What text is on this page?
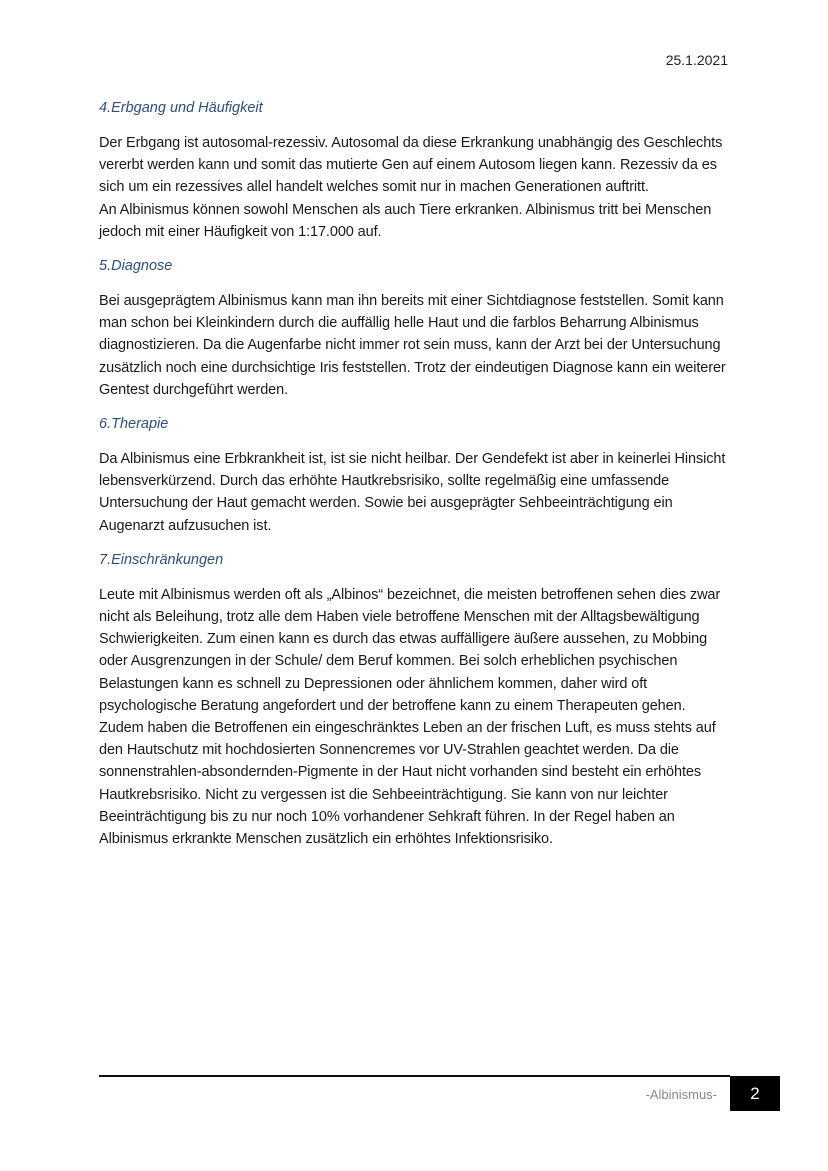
25.1.2021
4.Erbgang und Häufigkeit

Der Erbgang ist autosomal-rezessiv. Autosomal da diese Erkrankung unabhängig des Geschlechts vererbt werden kann und somit das mutierte Gen auf einem Autosom liegen kann. Rezessiv da es sich um ein rezessives allel handelt welches somit nur in machen Generationen auftritt.

An Albinismus können sowohl Menschen als auch Tiere erkranken. Albinismus tritt bei Menschen jedoch mit einer Häufigkeit von 1:17.000 auf.

5.Diagnose

Bei ausgeprägtem Albinismus kann man ihn bereits mit einer Sichtdiagnose feststellen. Somit kann man schon bei Kleinkindern durch die auffällig helle Haut und die farblos Beharrung Albinismus diagnostizieren. Da die Augenfarbe nicht immer rot sein muss, kann der Arzt bei der Untersuchung zusätzlich noch eine durchsichtige Iris feststellen. Trotz der eindeutigen Diagnose kann ein weiterer Gentest durchgeführt werden.

6.Therapie

Da Albinismus eine Erbkrankheit ist, ist sie nicht heilbar. Der Gendefekt ist aber in keinerlei Hinsicht lebensverkürzend. Durch das erhöhte Hautkrebsrisiko, sollte regelmäßig eine umfassende Untersuchung der Haut gemacht werden. Sowie bei ausgeprägter Sehbeeinträchtigung ein Augenarzt aufzusuchen ist.

7.Einschränkungen

Leute mit Albinismus werden oft als „Albinos“ bezeichnet, die meisten betroffenen sehen dies zwar nicht als Beleihung, trotz alle dem Haben viele betroffene Menschen mit der Alltagsbewältigung Schwierigkeiten. Zum einen kann es durch das etwas auffälligere äußere aussehen, zu Mobbing oder Ausgrenzungen in der Schule/ dem Beruf kommen. Bei solch erheblichen psychischen Belastungen kann es schnell zu Depressionen oder ähnlichem kommen, daher wird oft psychologische Beratung angefordert und der betroffene kann zu einem Therapeuten gehen. Zudem haben die Betroffenen ein eingeschränktes Leben an der frischen Luft, es muss stehts auf den Hautschutz mit hochdosierten Sonnencremes vor UV-Strahlen geachtet werden. Da die sonnenstrahlen-absondernden-Pigmente in der Haut nicht vorhanden sind besteht ein erhöhtes Hautkrebsrisiko. Nicht zu vergessen ist die Sehbeeinträchtigung. Sie kann von nur leichter Beeinträchtigung bis zu nur noch 10% vorhandener Sehkraft führen. In der Regel haben an Albinismus erkrankte Menschen zusätzlich ein erhöhtes Infektionsrisiko.

-Albinismus-	2
